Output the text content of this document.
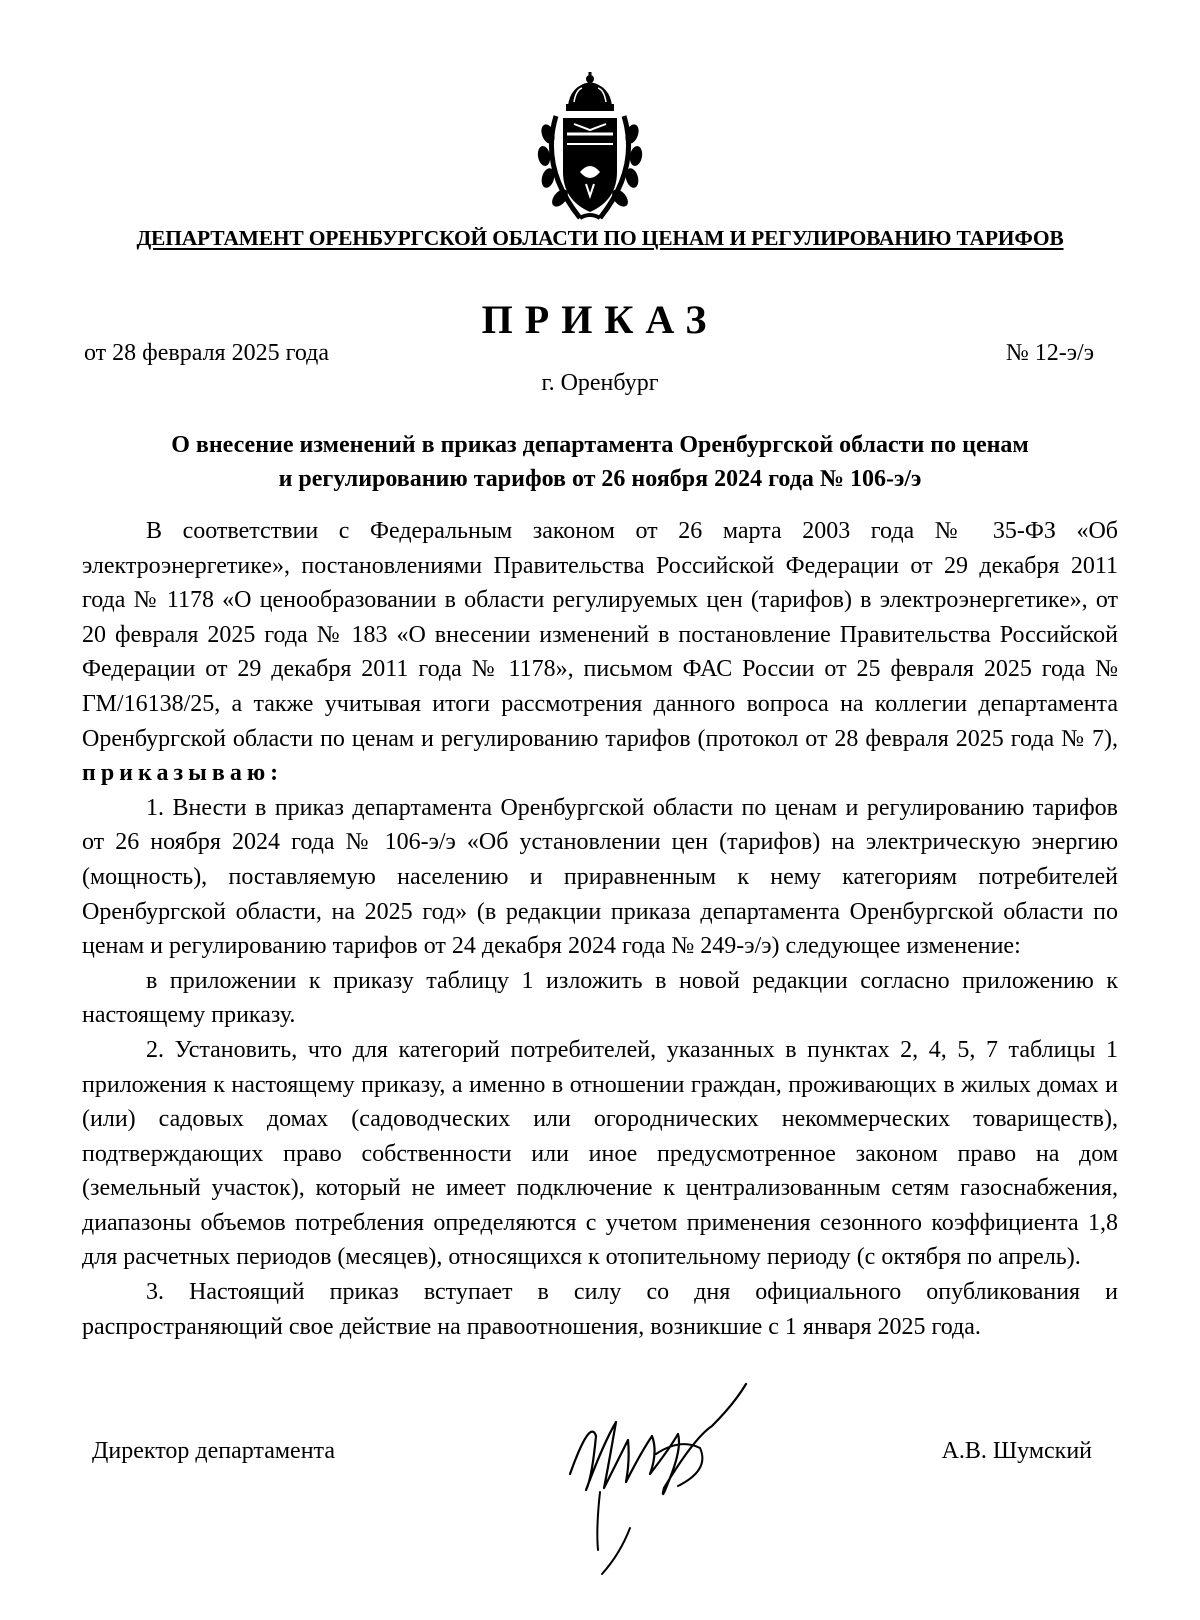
ДЕПАРТАМЕНТ ОРЕНБУРГСКОЙ ОБЛАСТИ ПО ЦЕНАМ И РЕГУЛИРОВАНИЮ ТАРИФОВ
ПРИКАЗ
от 28 февраля 2025 года	№ 12-э/э
г. Оренбург
О внесение изменений в приказ департамента Оренбургской области по ценам
и регулированию тарифов от 26 ноября 2024 года № 106-э/э

В соответствии с Федеральным законом от 26 марта 2003 года № 35-ФЗ «Об электроэнергетике», постановлениями Правительства Российской Федерации от 29 декабря 2011 года № 1178 «О ценообразовании в области регулируемых цен (тарифов) в электроэнергетике», от 20 февраля 2025 года № 183 «О внесении изменений в постановление Правительства Российской Федерации от 29 декабря 2011 года № 1178», письмом ФАС России от 25 февраля 2025 года № ГМ/16138/25, а также учитывая итоги рассмотрения данного вопроса на коллегии департамента Оренбургской области по ценам и регулированию тарифов (протокол от 28 февраля 2025 года № 7), приказываю:

1. Внести в приказ департамента Оренбургской области по ценам и регулированию тарифов от 26 ноября 2024 года № 106-э/э «Об установлении цен (тарифов) на электрическую энергию (мощность), поставляемую населению и приравненным к нему категориям потребителей Оренбургской области, на 2025 год» (в редакции приказа департамента Оренбургской области по ценам и регулированию тарифов от 24 декабря 2024 года № 249-э/э) следующее изменение:

в приложении к приказу таблицу 1 изложить в новой редакции согласно приложению к настоящему приказу.

2. Установить, что для категорий потребителей, указанных в пунктах 2, 4, 5, 7 таблицы 1 приложения к настоящему приказу, а именно в отношении граждан, проживающих в жилых домах и (или) садовых домах (садоводческих или огороднических некоммерческих товариществ), подтверждающих право собственности или иное предусмотренное законом право на дом (земельный участок), который не имеет подключение к централизованным сетям газоснабжения, диапазоны объемов потребления определяются с учетом применения сезонного коэффициента 1,8 для расчетных периодов (месяцев), относящихся к отопительному периоду (с октября по апрель).

3. Настоящий приказ вступает в силу со дня официального опубликования и распространяющий свое действие на правоотношения, возникшие с 1 января 2025 года.

Директор департамента	А.В. Шумский
